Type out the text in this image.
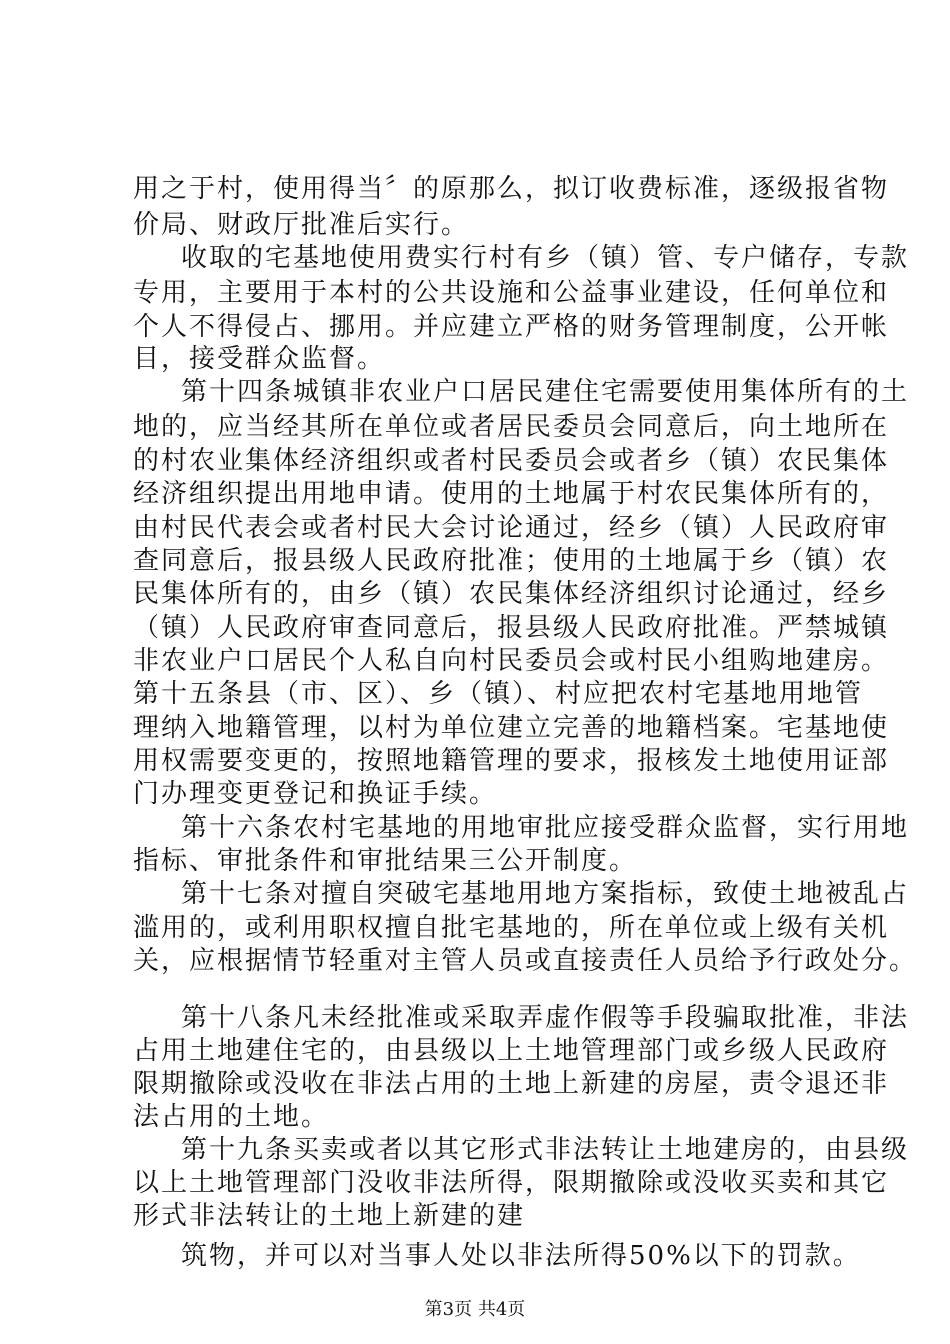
用之于村，使用得当〞的原那么，拟订收费标准，逐级报省物
价局、财政厅批准后实行。
收取的宅基地使用费实行村有乡（镇）管、专户储存，专款
专用，主要用于本村的公共设施和公益事业建设，任何单位和
个人不得侵占、挪用。并应建立严格的财务管理制度，公开帐
目，接受群众监督。
第十四条城镇非农业户口居民建住宅需要使用集体所有的土
地的，应当经其所在单位或者居民委员会同意后，向土地所在
的村农业集体经济组织或者村民委员会或者乡（镇）农民集体
经济组织提出用地申请。使用的土地属于村农民集体所有的，
由村民代表会或者村民大会讨论通过，经乡（镇）人民政府审
查同意后，报县级人民政府批准；使用的土地属于乡（镇）农
民集体所有的，由乡（镇）农民集体经济组织讨论通过，经乡
（镇）人民政府审查同意后，报县级人民政府批准。严禁城镇
非农业户口居民个人私自向村民委员会或村民小组购地建房。
第十五条县（市、区）、乡（镇）、村应把农村宅基地用地管
理纳入地籍管理，以村为单位建立完善的地籍档案。宅基地使
用权需要变更的，按照地籍管理的要求，报核发土地使用证部
门办理变更登记和换证手续。
第十六条农村宅基地的用地审批应接受群众监督，实行用地
指标、审批条件和审批结果三公开制度。
第十七条对擅自突破宅基地用地方案指标，致使土地被乱占
滥用的，或利用职权擅自批宅基地的，所在单位或上级有关机
关，应根据情节轻重对主管人员或直接责任人员给予行政处分。
第十八条凡未经批准或采取弄虚作假等手段骗取批准，非法
占用土地建住宅的，由县级以上土地管理部门或乡级人民政府
限期撤除或没收在非法占用的土地上新建的房屋，责令退还非
法占用的土地。
第十九条买卖或者以其它形式非法转让土地建房的，由县级
以上土地管理部门没收非法所得，限期撤除或没收买卖和其它
形式非法转让的土地上新建的建
筑物，并可以对当事人处以非法所得50%以下的罚款。
第3页 共4页
